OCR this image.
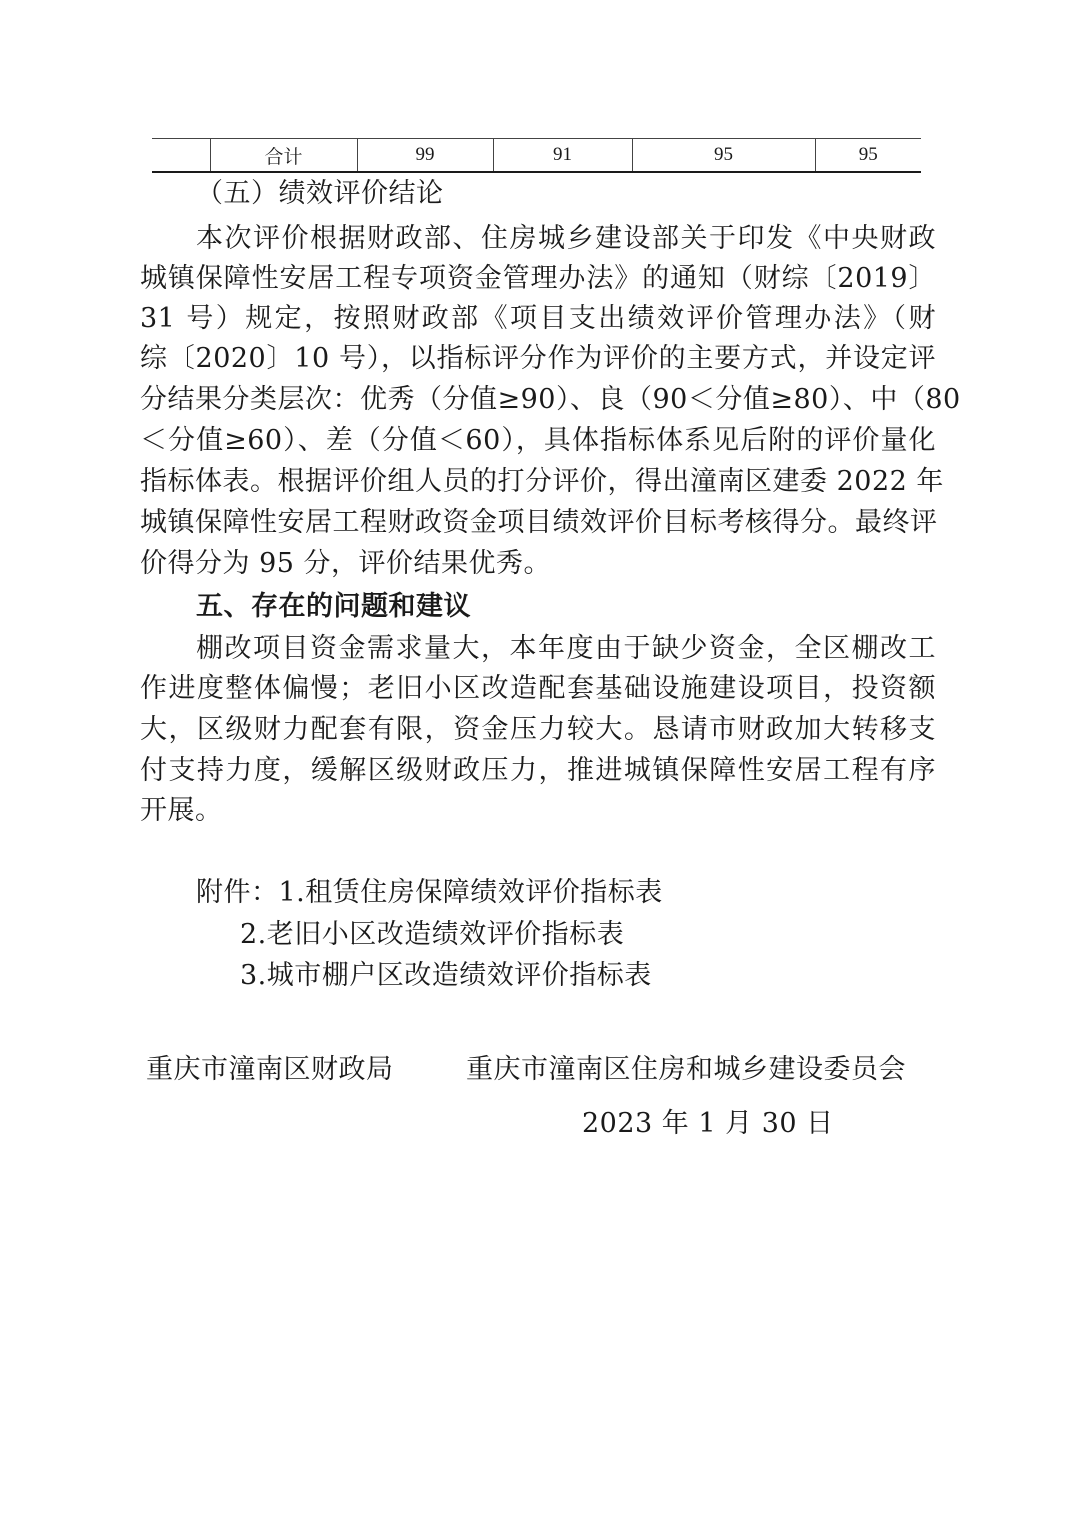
	合计	99	91	95	95
（五）绩效评价结论
本次评价根据财政部、住房城乡建设部关于印发《中央财政
城镇保障性安居工程专项资金管理办法》的通知（财综〔2019〕
31 号）规定，按照财政部《项目支出绩效评价管理办法》（财
综〔2020〕10 号），以指标评分作为评价的主要方式，并设定评
分结果分类层次：优秀（分值≥90）、良（90＜分值≥80）、中（80
＜分值≥60）、差（分值＜60），具体指标体系见后附的评价量化
指标体表。根据评价组人员的打分评价，得出潼南区建委 2022 年
城镇保障性安居工程财政资金项目绩效评价目标考核得分。最终评
价得分为 95 分，评价结果优秀。
五、存在的问题和建议
棚改项目资金需求量大，本年度由于缺少资金，全区棚改工
作进度整体偏慢；老旧小区改造配套基础设施建设项目，投资额
大，区级财力配套有限，资金压力较大。恳请市财政加大转移支
付支持力度，缓解区级财政压力，推进城镇保障性安居工程有序
开展。
附件：1.租赁住房保障绩效评价指标表
2.老旧小区改造绩效评价指标表
3.城市棚户区改造绩效评价指标表
重庆市潼南区财政局	重庆市潼南区住房和城乡建设委员会
2023 年 1 月 30 日
